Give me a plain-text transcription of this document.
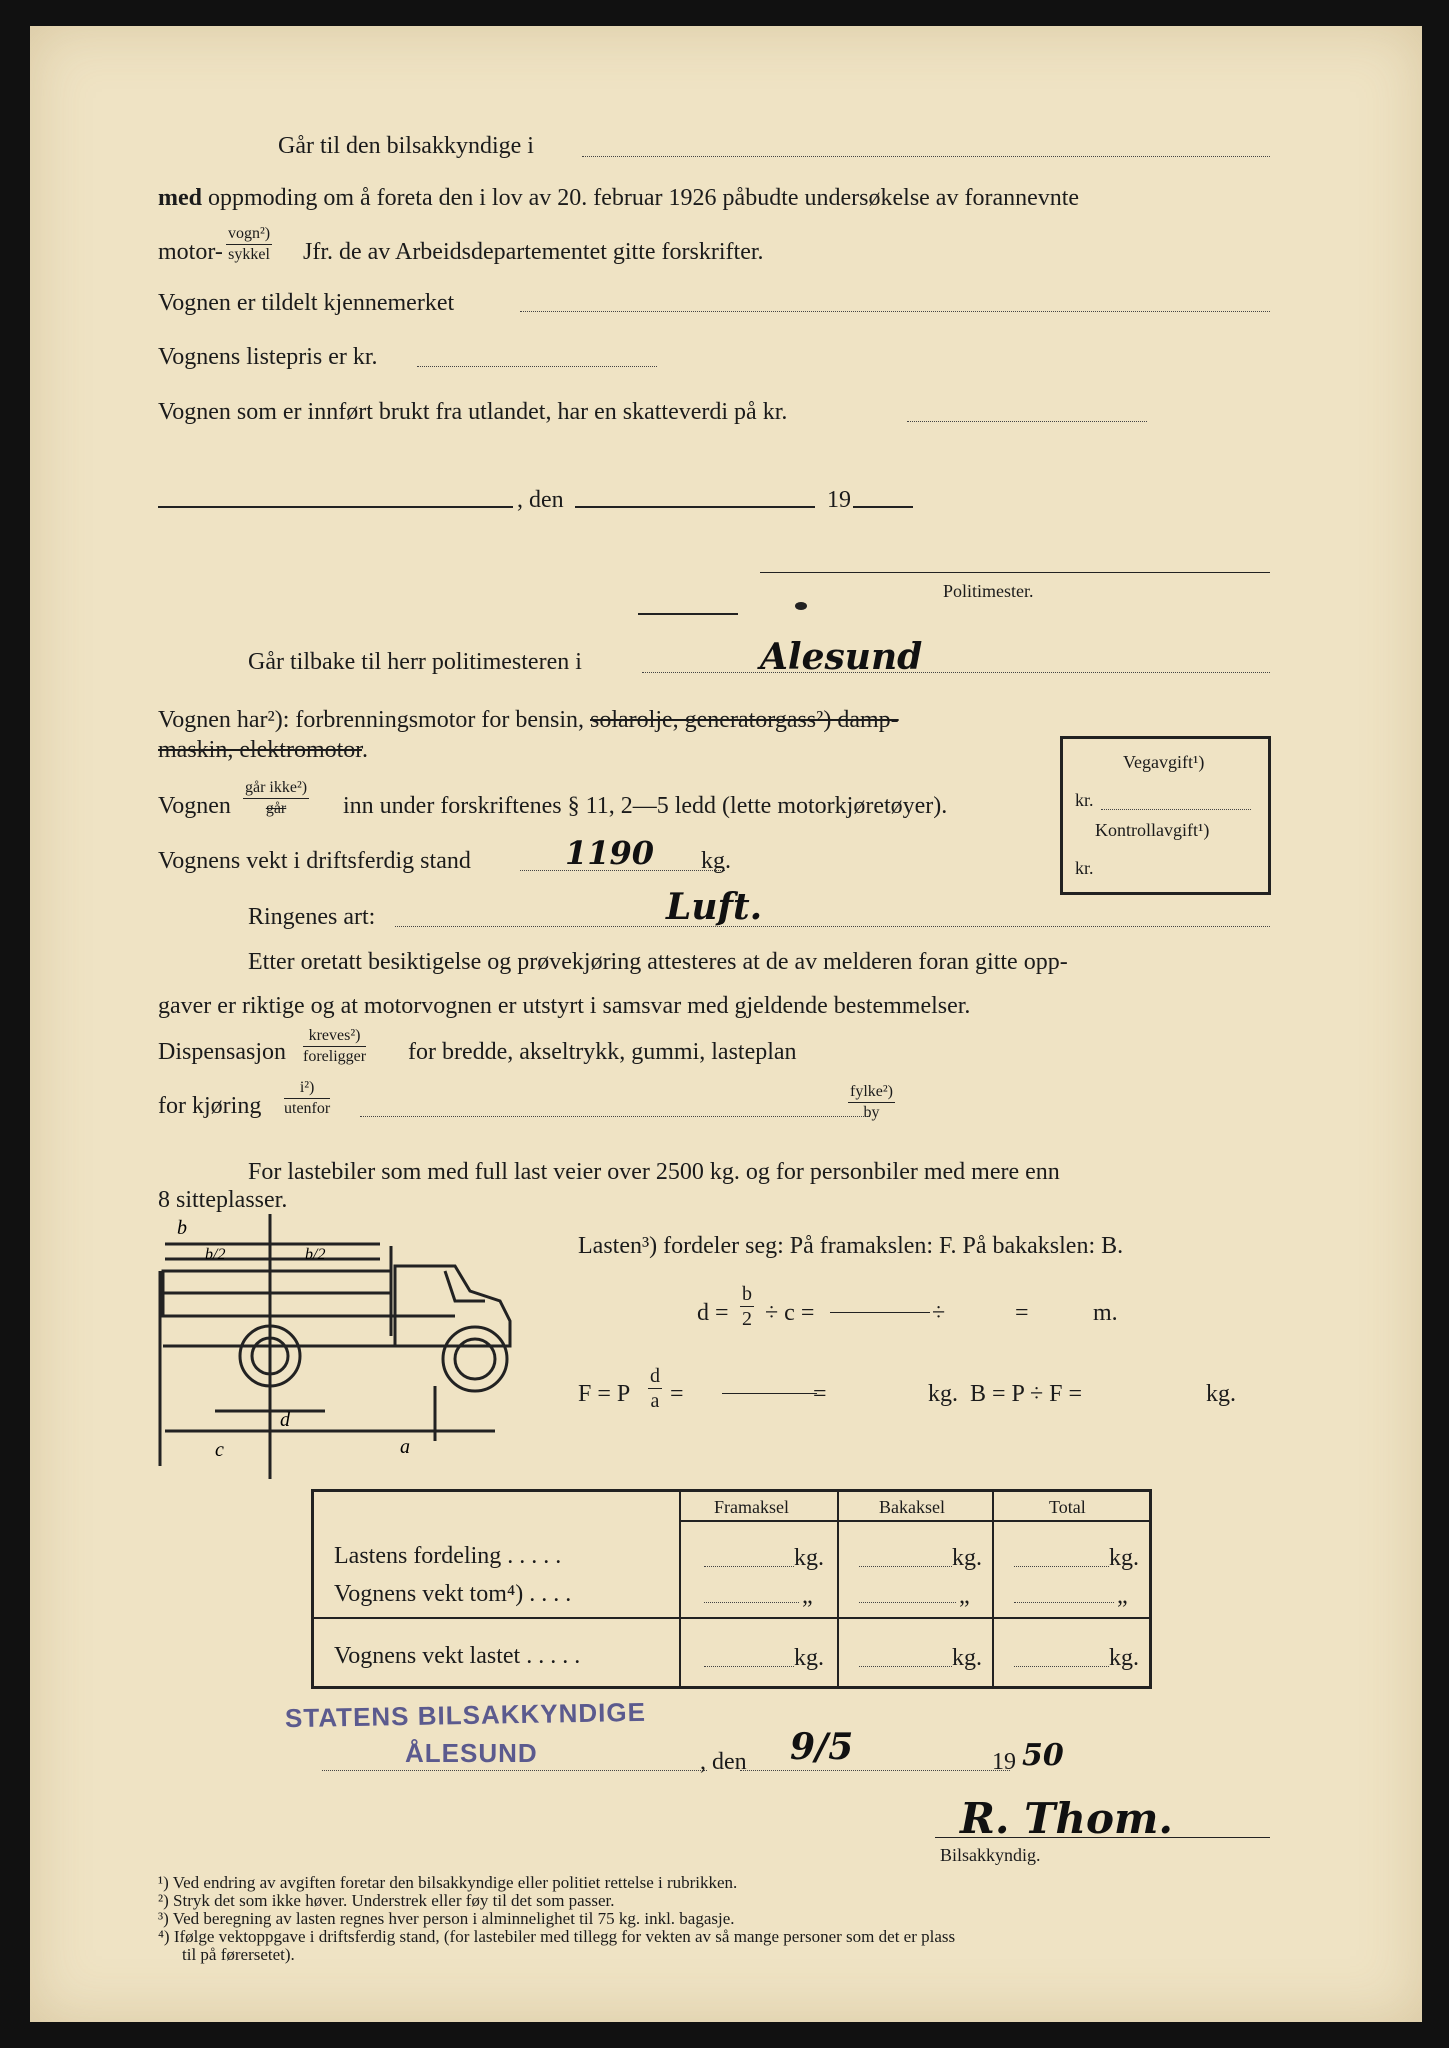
Går til den bilsakkyndige i
med oppmoding om å foreta den i lov av 20. februar 1926 påbudte undersøkelse av forannevnte
motor-
vogn²)
sykkel Jfr. de av Arbeidsdepartementet gitte forskrifter.
Vognen er tildelt kjennemerket
Vognens listepris er kr.
Vognen som er innført brukt fra utlandet, har en skatteverdi på kr.
, den	19
Politimester.
Går tilbake til herr politimesteren i	Alesund
Vognen har²): forbrenningsmotor for bensin, solarolje, generatorgass²) damp-
maskin, elektromotor.
Vognen
går ikke²)
går	inn under forskriftenes § 11, 2—5 ledd (lette motorkjøretøyer).
Vognens vekt i driftsferdig stand	1190 kg.
Ringenes art:	Luft.
Vegavgift¹)
kr.
Kontrollavgift¹)
kr.
Etter oretatt besiktigelse og prøvekjøring attesteres at de av melderen foran gitte opp-
gaver er riktige og at motorvognen er utstyrt i samsvar med gjeldende bestemmelser.
Dispensasjon
kreves²)
foreligger for bredde, akseltrykk, gummi, lasteplan
for kjøring
i²)
utenfor
fylke²)
by
For lastebiler som med full last veier over 2500 kg. og for personbiler med mere enn
8 sitteplasser.
b
b/2	b/2
c
d
a
Lasten³) fordeler seg: På framakslen: F. På bakakslen: B.
$d = \frac{b}{2} \div c$ =	÷	=	m.
F = P $\frac{d}{a}$ =	=	kg. B = P ÷ F =	kg.
Framaksel	Bakaksel	Total
Lastens fordeling . . . . .	kg.	kg.	kg.
Vognens vekt tom⁴) . . . .	„	„	„
Vognens vekt lastet . . . . .	kg.	kg.	kg.
STATENS BILSAKKYNDIGE
ÅLESUND	, den 9/5	19 50
R. Thom.
Bilsakkyndig.
¹) Ved endring av avgiften foretar den bilsakkyndige eller politiet rettelse i rubrikken.
²) Stryk det som ikke høver. Understrek eller føy til det som passer.
³) Ved beregning av lasten regnes hver person i alminnelighet til 75 kg. inkl. bagasje.
⁴) Ifølge vektoppgave i driftsferdig stand, (for lastebiler med tillegg for vekten av så mange personer som det er plass
til på førersetet).
